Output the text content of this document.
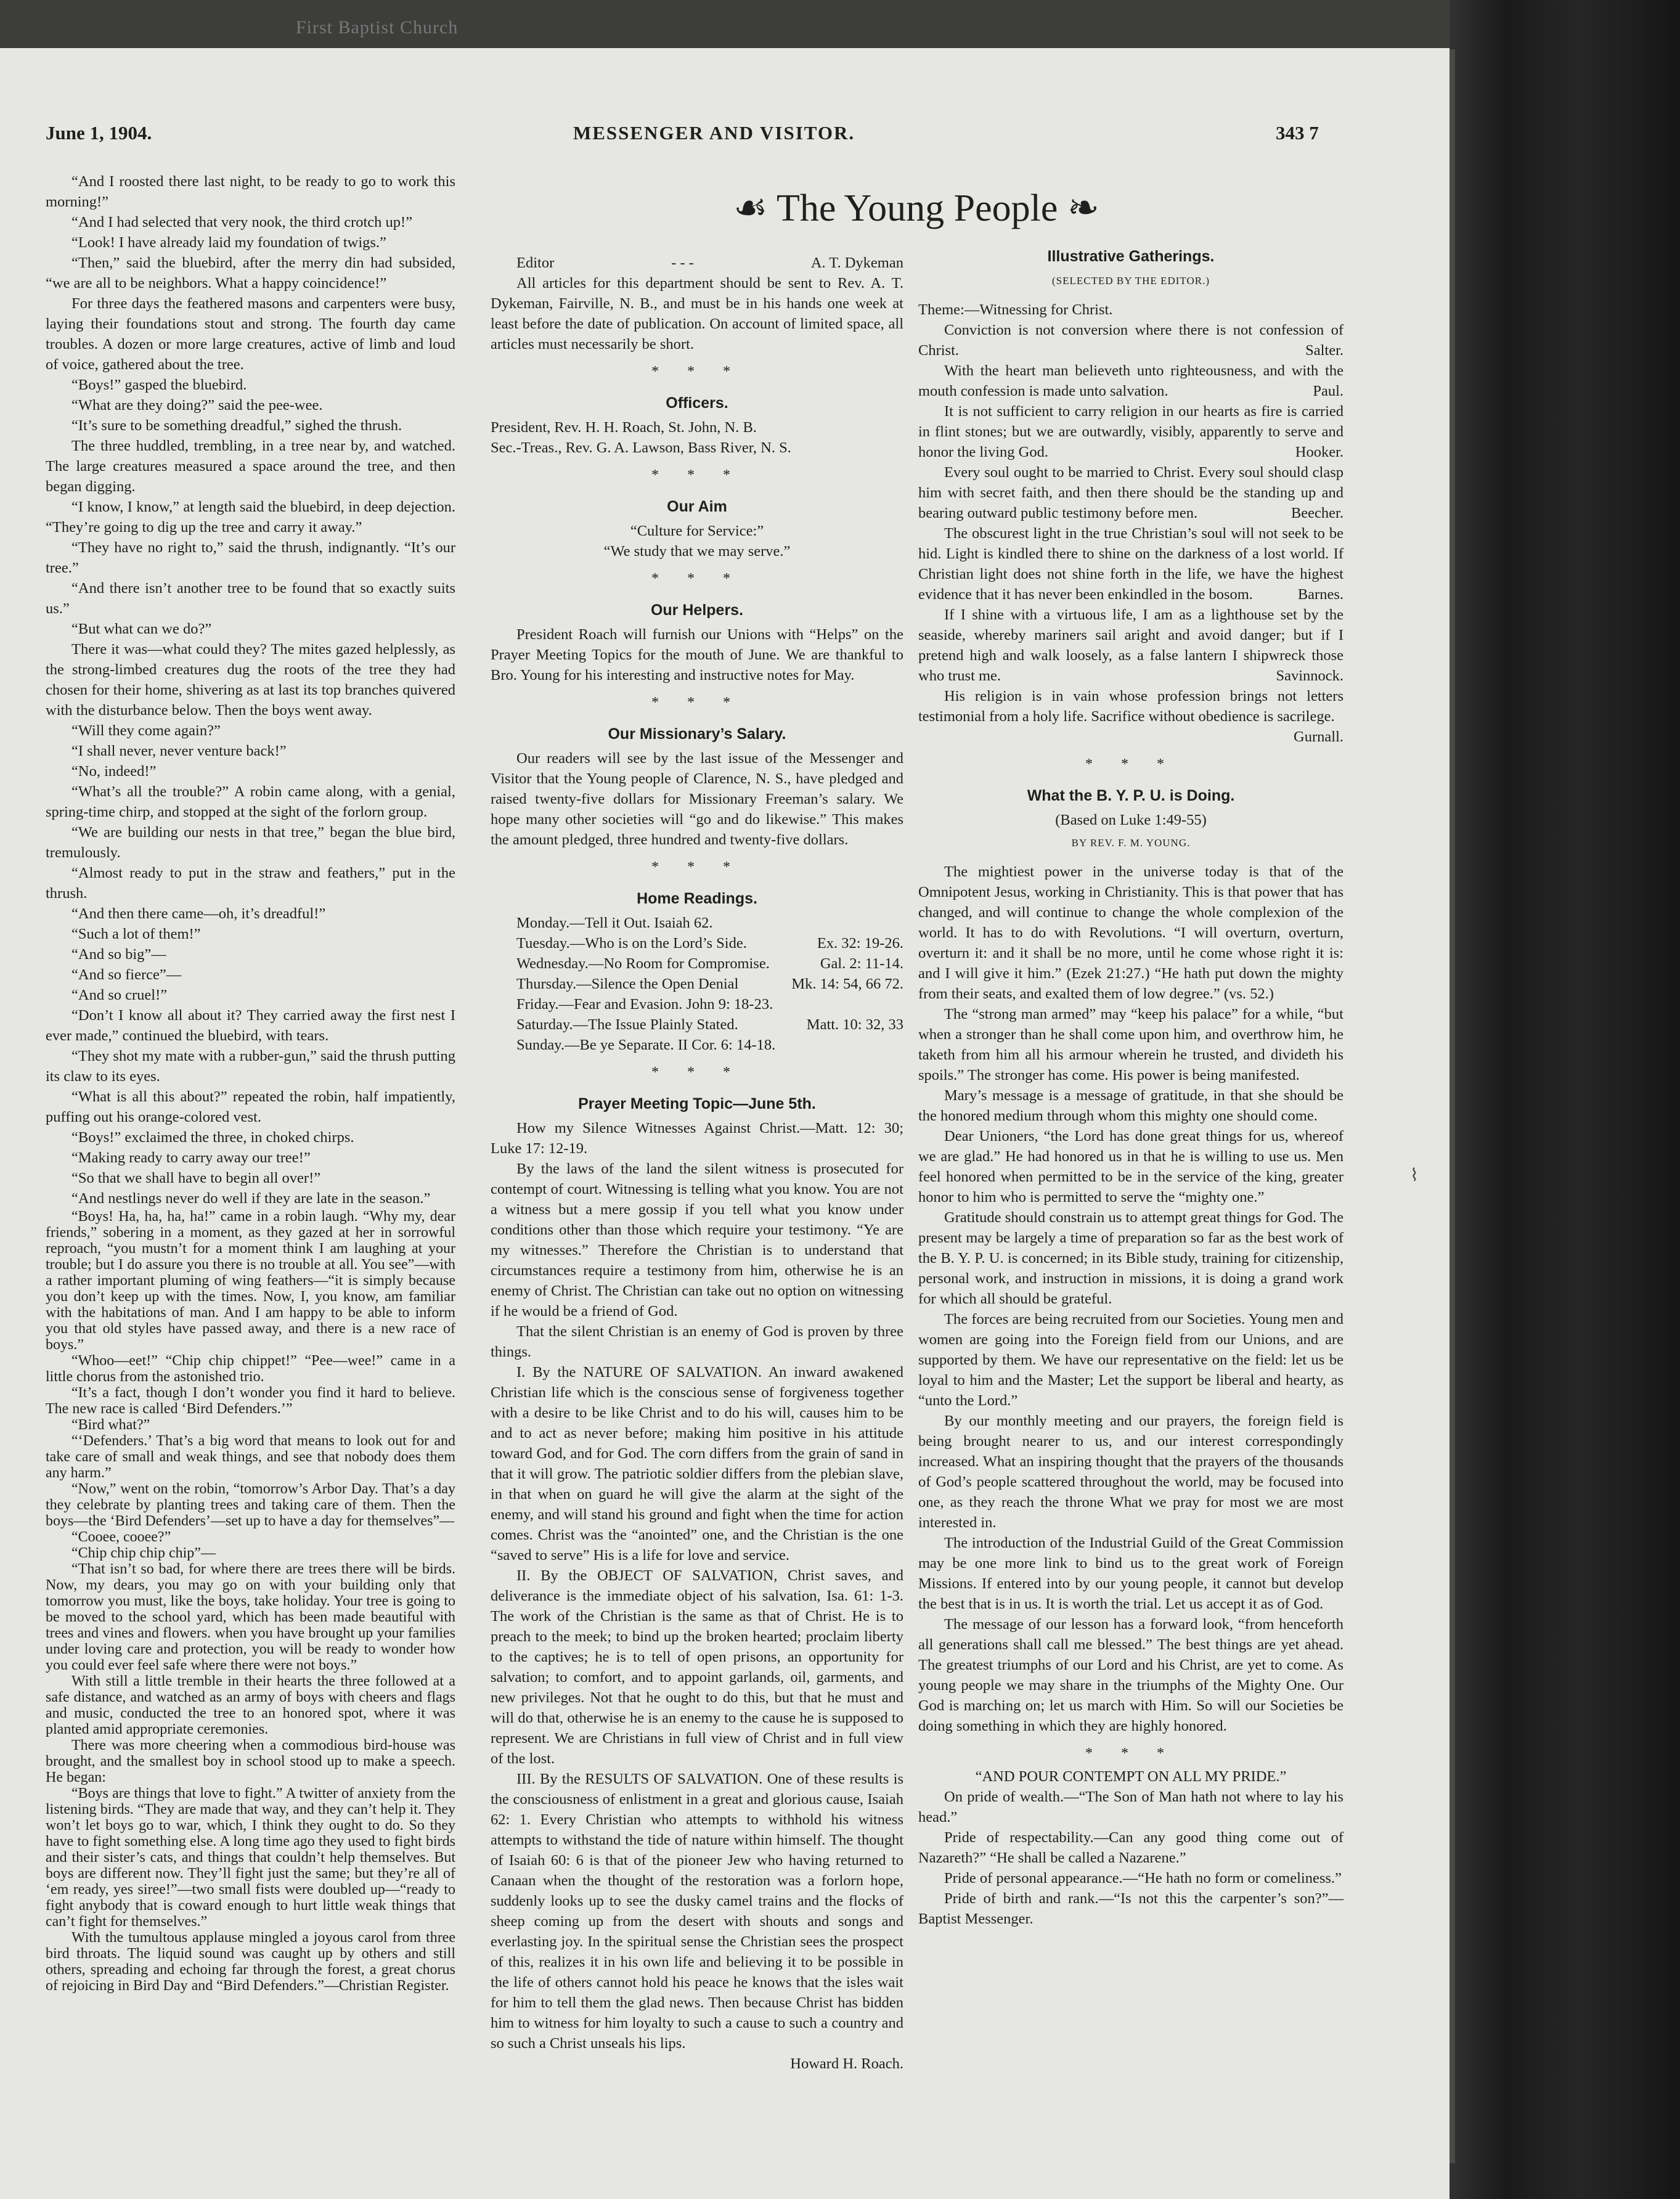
First Baptist Church
June 1, 1904.	MESSENGER AND VISITOR.	343 7
☙ The Young People ❧

“And I roosted there last night, to be ready to go to work this morning!”

“And I had selected that very nook, the third crotch up!”

“Look! I have already laid my foundation of twigs.”

“Then,” said the bluebird, after the merry din had subsided, “we are all to be neighbors. What a happy coincidence!”

For three days the feathered masons and carpenters were busy, laying their foundations stout and strong. The fourth day came troubles. A dozen or more large creatures, active of limb and loud of voice, gathered about the tree.

“Boys!” gasped the bluebird.

“What are they doing?” said the pee-wee.

“It’s sure to be something dreadful,” sighed the thrush.

The three huddled, trembling, in a tree near by, and watched. The large creatures measured a space around the tree, and then began digging.

“I know, I know,” at length said the bluebird, in deep dejection. “They’re going to dig up the tree and carry it away.”

“They have no right to,” said the thrush, indignantly. “It’s our tree.”

“And there isn’t another tree to be found that so exactly suits us.”

“But what can we do?”

There it was—what could they? The mites gazed helplessly, as the strong-limbed creatures dug the roots of the tree they had chosen for their home, shivering as at last its top branches quivered with the disturbance below. Then the boys went away.

“Will they come again?”

“I shall never, never venture back!”

“No, indeed!”

“What’s all the trouble?” A robin came along, with a genial, spring-time chirp, and stopped at the sight of the forlorn group.

“We are building our nests in that tree,” began the blue bird, tremulously.

“Almost ready to put in the straw and feathers,” put in the thrush.

“And then there came—oh, it’s dreadful!”

“Such a lot of them!”

“And so big”—

“And so fierce”—

“And so cruel!”

“Don’t I know all about it? They carried away the first nest I ever made,” continued the bluebird, with tears.

“They shot my mate with a rubber-gun,” said the thrush putting its claw to its eyes.

“What is all this about?” repeated the robin, half impatiently, puffing out his orange-colored vest.

“Boys!” exclaimed the three, in choked chirps.

“Making ready to carry away our tree!”

“So that we shall have to begin all over!”

“And nestlings never do well if they are late in the season.”

“Boys! Ha, ha, ha, ha!” came in a robin laugh. “Why my, dear friends,” sobering in a moment, as they gazed at her in sorrowful reproach, “you mustn’t for a moment think I am laughing at your trouble; but I do assure you there is no trouble at all. You see”—with a rather important pluming of wing feathers—“it is simply because you don’t keep up with the times. Now, I, you know, am familiar with the habitations of man. And I am happy to be able to inform you that old styles have passed away, and there is a new race of boys.”

“Whoo—eet!” “Chip chip chippet!” “Pee—wee!” came in a little chorus from the astonished trio.

“It’s a fact, though I don’t wonder you find it hard to believe. The new race is called ‘Bird Defenders.’”

“Bird what?”

“‘Defenders.’ That’s a big word that means to look out for and take care of small and weak things, and see that nobody does them any harm.”

“Now,” went on the robin, “tomorrow’s Arbor Day. That’s a day they celebrate by planting trees and taking care of them. Then the boys—the ‘Bird Defenders’—set up to have a day for themselves”—

“Cooee, cooee?”

“Chip chip chip chip”—

“That isn’t so bad, for where there are trees there will be birds. Now, my dears, you may go on with your building only that tomorrow you must, like the boys, take holiday. Your tree is going to be moved to the school yard, which has been made beautiful with trees and vines and flowers. when you have brought up your families under loving care and protection, you will be ready to wonder how you could ever feel safe where there were not boys.”

With still a little tremble in their hearts the three followed at a safe distance, and watched as an army of boys with cheers and flags and music, conducted the tree to an honored spot, where it was planted amid appropriate ceremonies.

There was more cheering when a commodious bird-house was brought, and the smallest boy in school stood up to make a speech. He began:

“Boys are things that love to fight.” A twitter of anxiety from the listening birds. “They are made that way, and they can’t help it. They won’t let boys go to war, which, I think they ought to do. So they have to fight something else. A long time ago they used to fight birds and their sister’s cats, and things that couldn’t help themselves. But boys are different now. They’ll fight just the same; but they’re all of ‘em ready, yes siree!”—two small fists were doubled up—“ready to fight anybody that is coward enough to hurt little weak things that can’t fight for themselves.”

With the tumultous applause mingled a joyous carol from three bird throats. The liquid sound was caught up by others and still others, spreading and echoing far through the forest, a great chorus of rejoicing in Bird Day and “Bird Defenders.”—Christian Register.

Editor	- - -	A. T. Dykeman

All articles for this department should be sent to Rev. A. T. Dykeman, Fairville, N. B., and must be in his hands one week at least before the date of publication. On account of limited space, all articles must necessarily be short.

* * *
Officers.

President, Rev. H. H. Roach, St. John, N. B.

Sec.-Treas., Rev. G. A. Lawson, Bass River, N. S.

* * *
Our Aim

“Culture for Service:”

“We study that we may serve.”

* * *
Our Helpers.

President Roach will furnish our Unions with “Helps” on the Prayer Meeting Topics for the mouth of June. We are thankful to Bro. Young for his interesting and instructive notes for May.

* * *
Our Missionary’s Salary.

Our readers will see by the last issue of the Messenger and Visitor that the Young people of Clarence, N. S., have pledged and raised twenty-five dollars for Missionary Freeman’s salary. We hope many other societies will “go and do likewise.” This makes the amount pledged, three hundred and twenty-five dollars.

* * *
Home Readings.

Monday.—Tell it Out. Isaiah 62.

Tuesday.—Who is on the Lord’s Side.	Ex. 32: 19-26.

Wednesday.—No Room for Compromise.	Gal. 2: 11-14.

Thursday.—Silence the Open Denial	Mk. 14: 54, 66 72.

Friday.—Fear and Evasion. John 9: 18-23.

Saturday.—The Issue Plainly Stated.	Matt. 10: 32, 33

Sunday.—Be ye Separate. II Cor. 6: 14-18.

* * *
Prayer Meeting Topic—June 5th.

How my Silence Witnesses Against Christ.—Matt. 12: 30; Luke 17: 12-19.

By the laws of the land the silent witness is prosecuted for contempt of court. Witnessing is telling what you know. You are not a witness but a mere gossip if you tell what you know under conditions other than those which require your testimony. “Ye are my witnesses.” Therefore the Christian is to understand that circumstances require a testimony from him, otherwise he is an enemy of Christ. The Christian can take out no option on witnessing if he would be a friend of God.

That the silent Christian is an enemy of God is proven by three things.

I. By the NATURE OF SALVATION. An inward awakened Christian life which is the conscious sense of forgiveness together with a desire to be like Christ and to do his will, causes him to be and to act as never before; making him positive in his attitude toward God, and for God. The corn differs from the grain of sand in that it will grow. The patriotic soldier differs from the plebian slave, in that when on guard he will give the alarm at the sight of the enemy, and will stand his ground and fight when the time for action comes. Christ was the “anointed” one, and the Christian is the one “saved to serve” His is a life for love and service.

II. By the OBJECT OF SALVATION, Christ saves, and deliverance is the immediate object of his salvation, Isa. 61: 1-3. The work of the Christian is the same as that of Christ. He is to preach to the meek; to bind up the broken hearted; proclaim liberty to the captives; he is to tell of open prisons, an opportunity for salvation; to comfort, and to appoint garlands, oil, garments, and new privileges. Not that he ought to do this, but that he must and will do that, otherwise he is an enemy to the cause he is supposed to represent. We are Christians in full view of Christ and in full view of the lost.

III. By the RESULTS OF SALVATION. One of these results is the consciousness of enlistment in a great and glorious cause, Isaiah 62: 1. Every Christian who attempts to withhold his witness attempts to withstand the tide of nature within himself. The thought of Isaiah 60: 6 is that of the pioneer Jew who having returned to Canaan when the thought of the restoration was a forlorn hope, suddenly looks up to see the dusky camel trains and the flocks of sheep coming up from the desert with shouts and songs and everlasting joy. In the spiritual sense the Christian sees the prospect of this, realizes it in his own life and believing it to be possible in the life of others cannot hold his peace he knows that the isles wait for him to tell them the glad news. Then because Christ has bidden him to witness for him loyalty to such a cause to such a country and so such a Christ unseals his lips.

Howard H. Roach.

Illustrative Gatherings.
(SELECTED BY THE EDITOR.)

Theme:—Witnessing for Christ.

Conviction is not conversion where there is not confession of Christ.	Salter.

With the heart man believeth unto righteousness, and with the mouth confession is made unto salvation.	Paul.

It is not sufficient to carry religion in our hearts as fire is carried in flint stones; but we are outwardly, visibly, apparently to serve and honor the living God.	Hooker.

Every soul ought to be married to Christ. Every soul should clasp him with secret faith, and then there should be the standing up and bearing outward public testimony before men.	Beecher.

The obscurest light in the true Christian’s soul will not seek to be hid. Light is kindled there to shine on the darkness of a lost world. If Christian light does not shine forth in the life, we have the highest evidence that it has never been enkindled in the bosom.	Barnes.

If I shine with a virtuous life, I am as a lighthouse set by the seaside, whereby mariners sail aright and avoid danger; but if I pretend high and walk loosely, as a false lantern I shipwreck those who trust me.	Savinnock.

His religion is in vain whose profession brings not letters testimonial from a holy life. Sacrifice without obedience is sacrilege.
Gurnall.

* * *
What the B. Y. P. U. is Doing.

(Based on Luke 1:49-55)

BY REV. F. M. YOUNG.

The mightiest power in the universe today is that of the Omnipotent Jesus, working in Christianity. This is that power that has changed, and will continue to change the whole complexion of the world. It has to do with Revolutions. “I will overturn, overturn, overturn it: and it shall be no more, until he come whose right it is: and I will give it him.” (Ezek 21:27.) “He hath put down the mighty from their seats, and exalted them of low degree.” (vs. 52.)

The “strong man armed” may “keep his palace” for a while, “but when a stronger than he shall come upon him, and overthrow him, he taketh from him all his armour wherein he trusted, and divideth his spoils.” The stronger has come. His power is being manifested.

Mary’s message is a message of gratitude, in that she should be the honored medium through whom this mighty one should come.

Dear Unioners, “the Lord has done great things for us, whereof we are glad.” He had honored us in that he is willing to use us. Men feel honored when permitted to be in the service of the king, greater honor to him who is permitted to serve the “mighty one.”

Gratitude should constrain us to attempt great things for God. The present may be largely a time of preparation so far as the best work of the B. Y. P. U. is concerned; in its Bible study, training for citizenship, personal work, and instruction in missions, it is doing a grand work for which all should be grateful.

The forces are being recruited from our Societies. Young men and women are going into the Foreign field from our Unions, and are supported by them. We have our representative on the field: let us be loyal to him and the Master; Let the support be liberal and hearty, as “unto the Lord.”

By our monthly meeting and our prayers, the foreign field is being brought nearer to us, and our interest correspondingly increased. What an inspiring thought that the prayers of the thousands of God’s people scattered throughout the world, may be focused into one, as they reach the throne What we pray for most we are most interested in.

The introduction of the Industrial Guild of the Great Commission may be one more link to bind us to the great work of Foreign Missions. If entered into by our young people, it cannot but develop the best that is in us. It is worth the trial. Let us accept it as of God.

The message of our lesson has a forward look, “from henceforth all generations shall call me blessed.” The best things are yet ahead. The greatest triumphs of our Lord and his Christ, are yet to come. As young people we may share in the triumphs of the Mighty One. Our God is marching on; let us march with Him. So will our Societies be doing something in which they are highly honored.

* * *

“AND POUR CONTEMPT ON ALL MY PRIDE.”

On pride of wealth.—“The Son of Man hath not where to lay his head.”

Pride of respectability.—Can any good thing come out of Nazareth?” “He shall be called a Nazarene.”

Pride of personal appearance.—“He hath no form or comeliness.”

Pride of birth and rank.—“Is not this the carpenter’s son?”—Baptist Messenger.

⌇
